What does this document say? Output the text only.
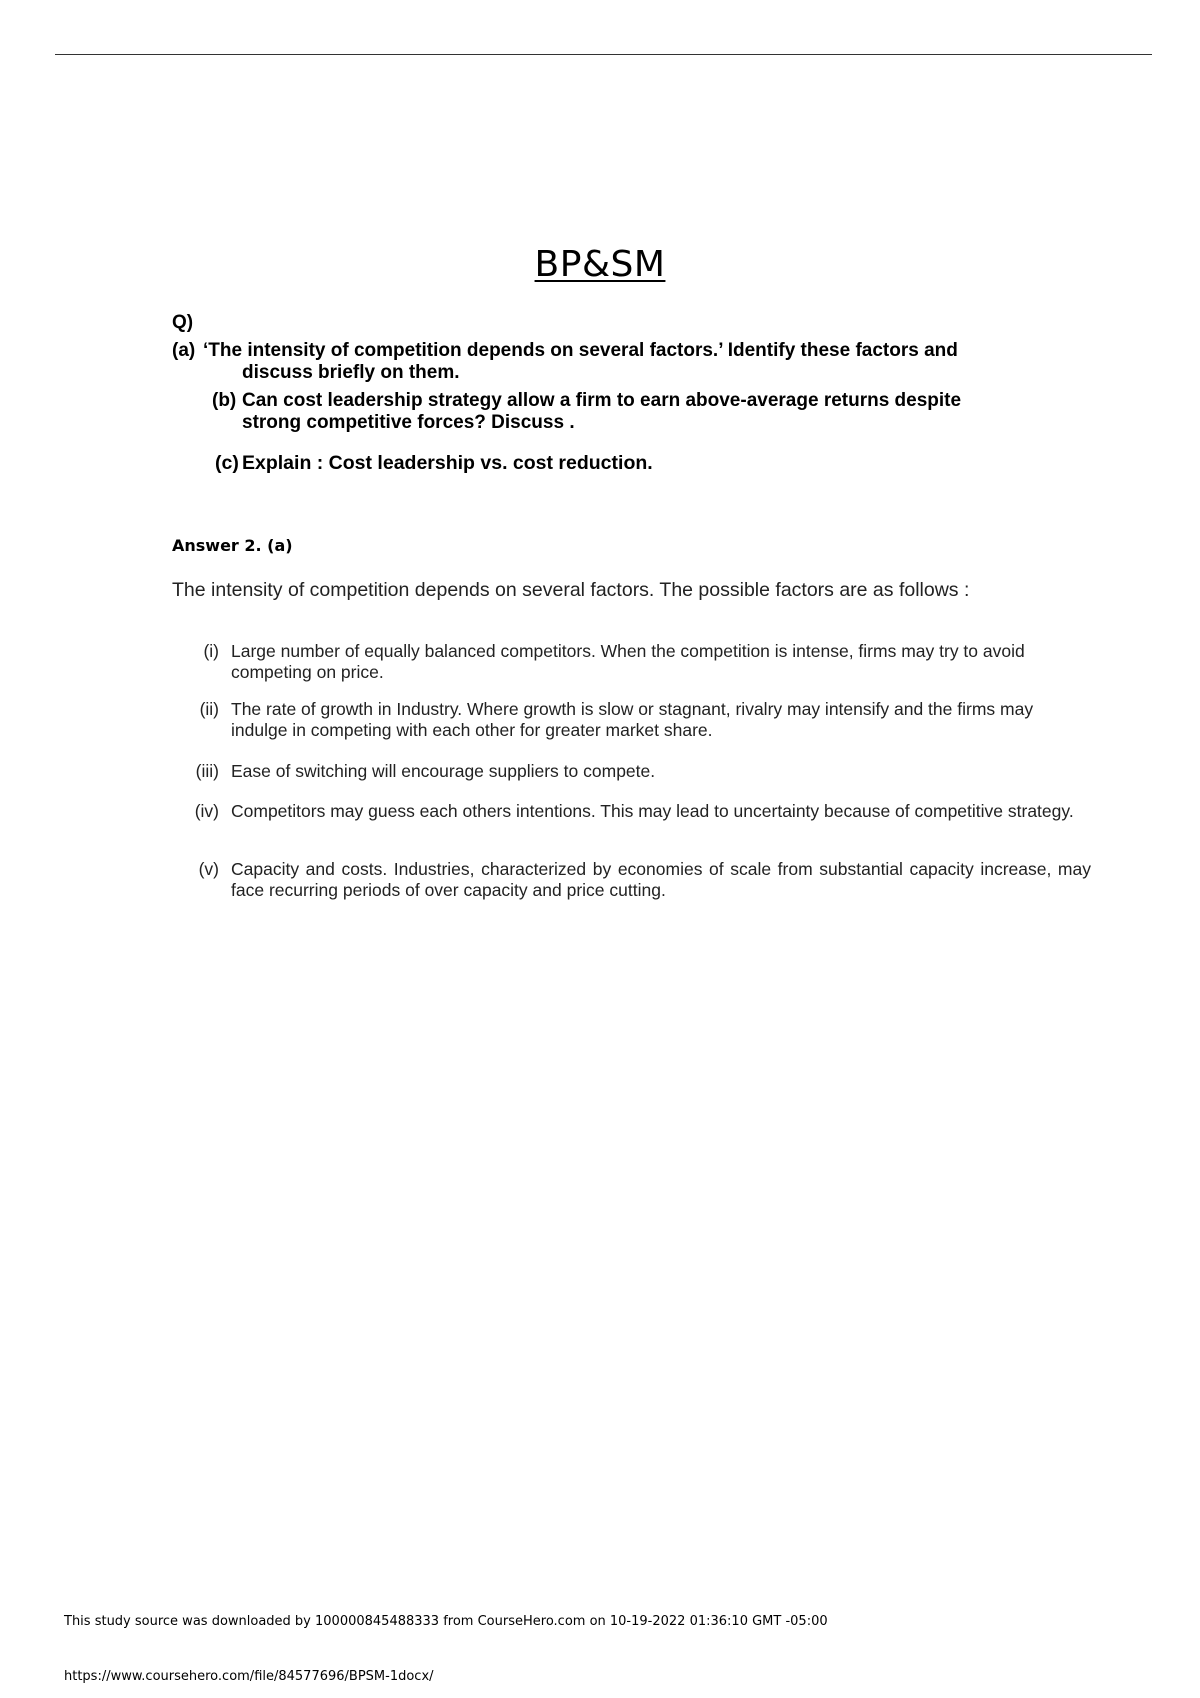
BP&SM
Q)
(a) ‘The intensity of competition depends on several factors.’ Identify these factors and
discuss briefly on them.
(b) Can cost leadership strategy allow a firm to earn above-average returns despite
strong competitive forces? Discuss .
(c) Explain : Cost leadership vs. cost reduction.
Answer 2. (a)

The intensity of competition depends on several factors. The possible factors are as follows :

(i) Large number of equally balanced competitors. When the competition is intense, firms may try to avoid competing on price.
(ii) The rate of growth in Industry. Where growth is slow or stagnant, rivalry may intensify and the firms may indulge in competing with each other for greater market share.
(iii) Ease of switching will encourage suppliers to compete.
(iv) Competitors may guess each others intentions. This may lead to uncertainty because of competitive strategy.
(v) Capacity and costs. Industries, characterized by economies of scale from substantial capacity increase, may face recurring periods of over capacity and price cutting.
This study source was downloaded by 100000845488333 from CourseHero.com on 10-19-2022 01:36:10 GMT -05:00
https://www.coursehero.com/file/84577696/BPSM-1docx/
